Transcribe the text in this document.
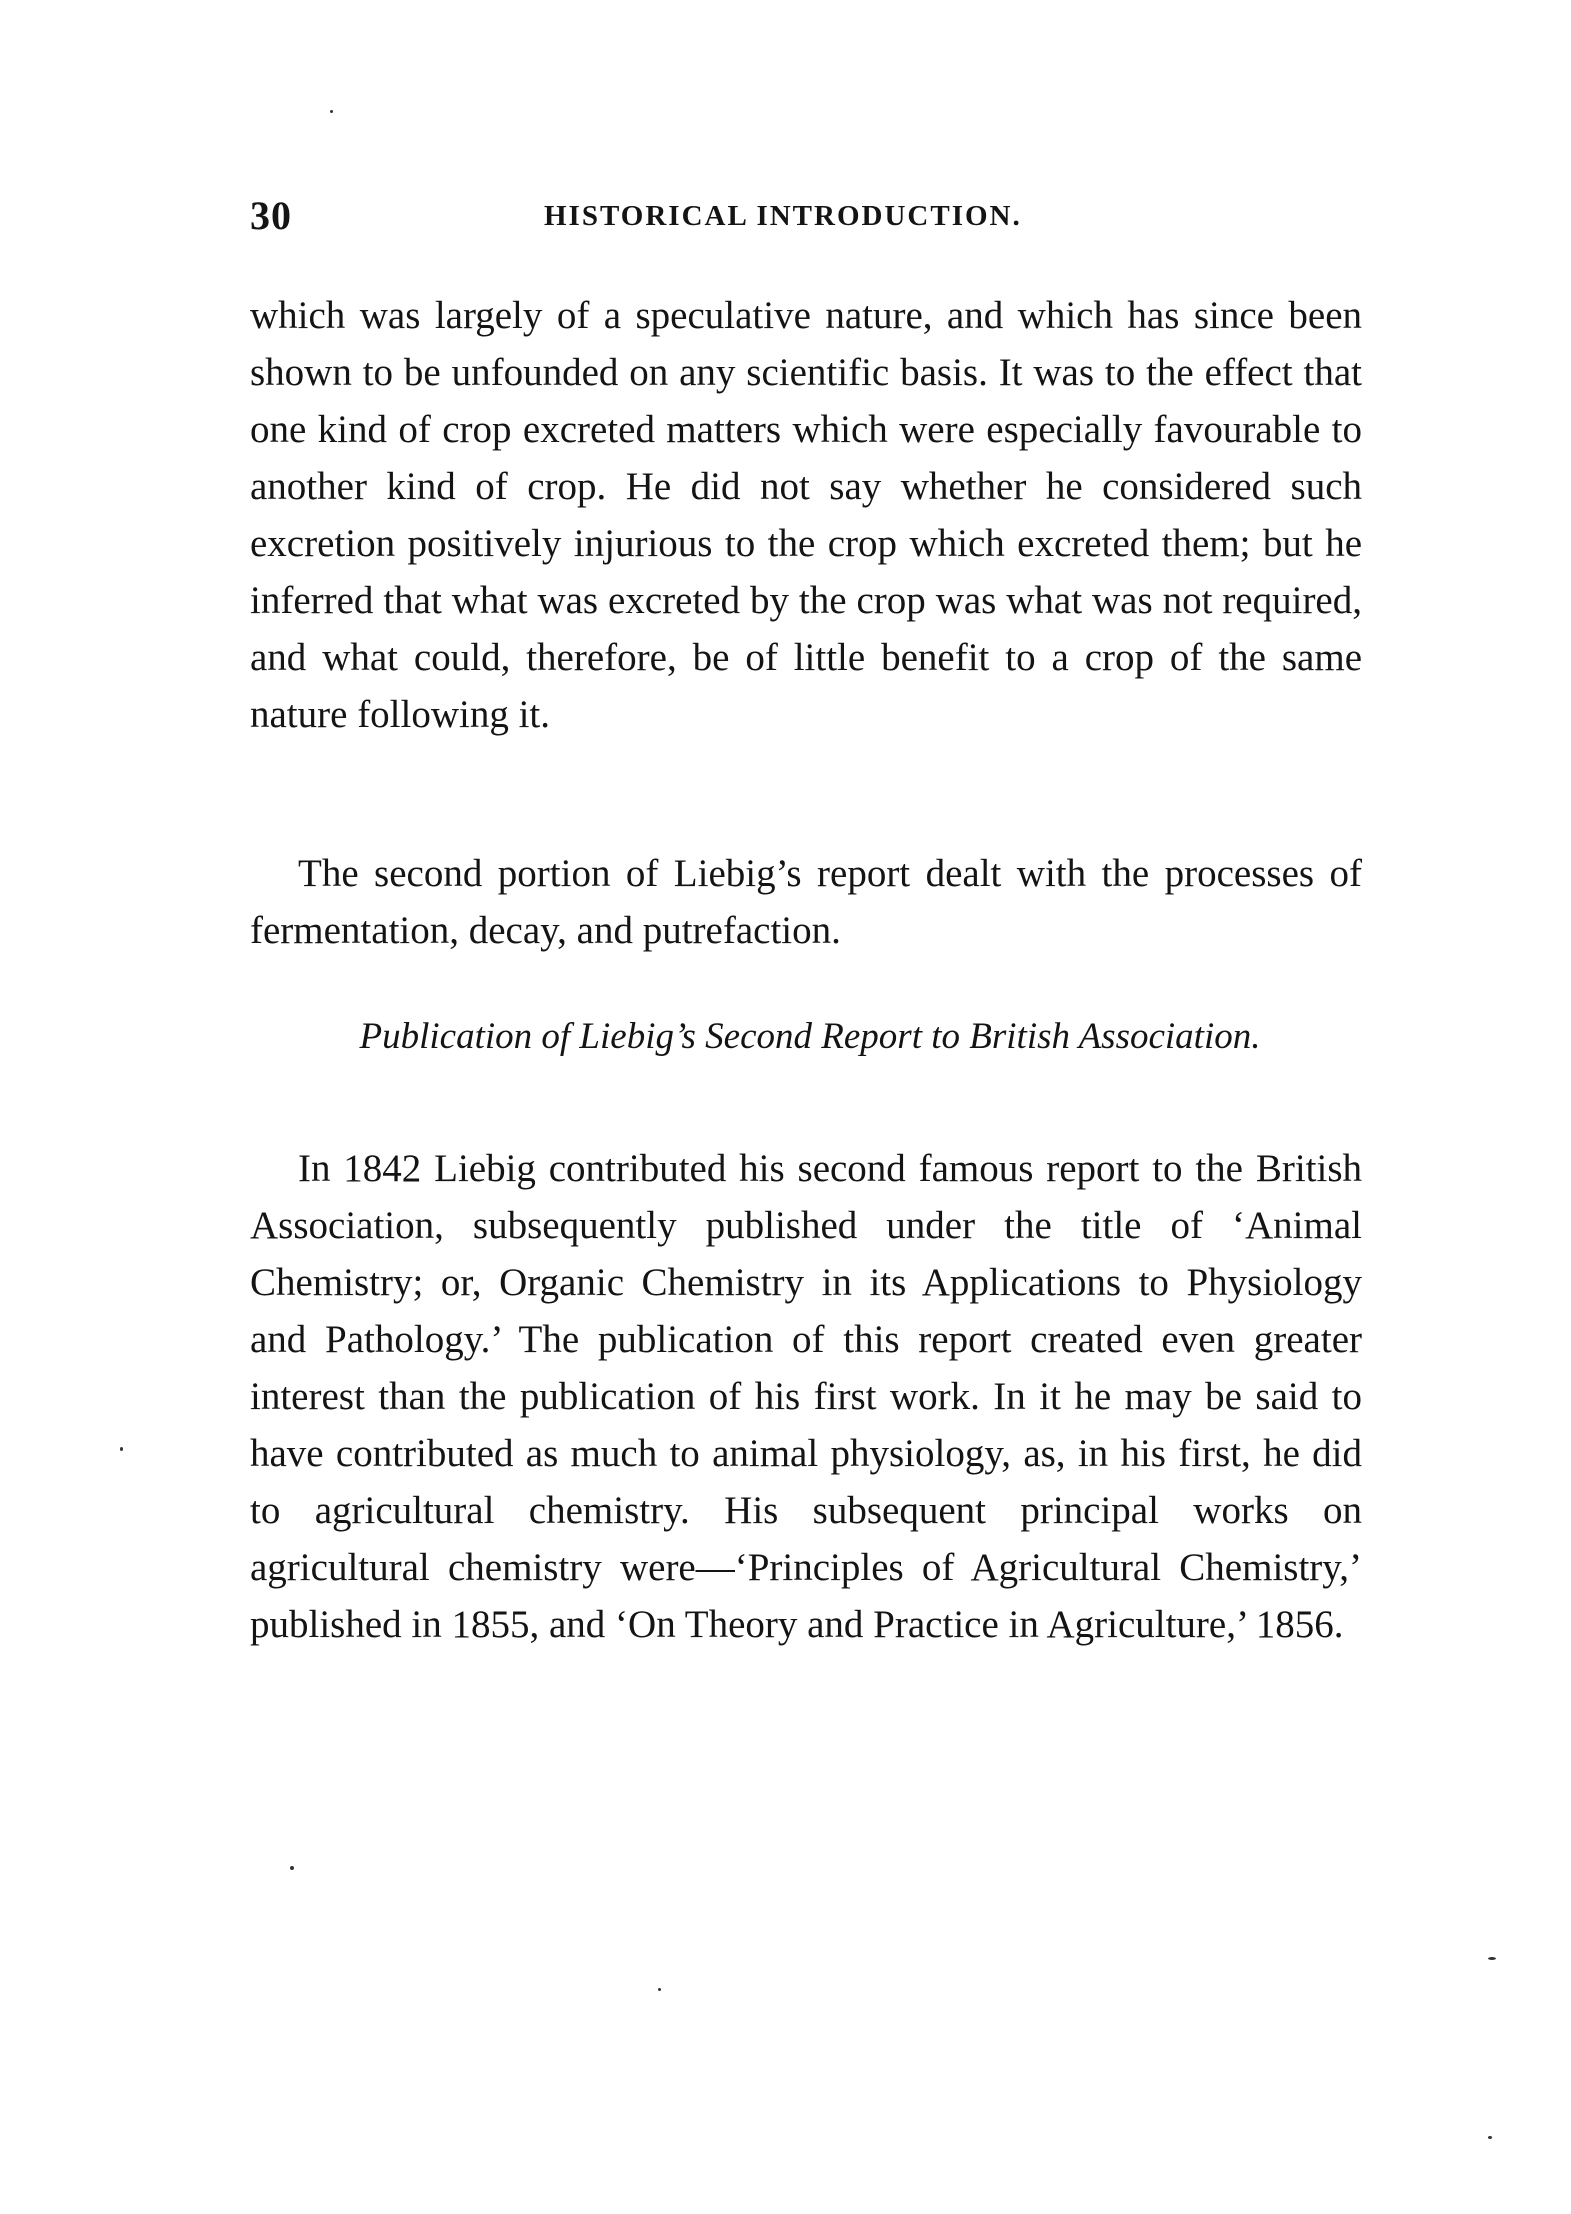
30	HISTORICAL INTRODUCTION.

which was largely of a speculative nature, and which has since been shown to be unfounded on any scientific basis. It was to the effect that one kind of crop excreted matters which were especially favourable to another kind of crop. He did not say whether he considered such excretion positively injurious to the crop which excreted them; but he inferred that what was excreted by the crop was what was not required, and what could, therefore, be of little benefit to a crop of the same nature following it.

The second portion of Liebig’s report dealt with the processes of fermentation, decay, and putrefaction.

Publication of Liebig’s Second Report to British Association.

In 1842 Liebig contributed his second famous report to the British Association, subsequently published under the title of ‘Animal Chemistry; or, Organic Chemistry in its Applications to Physiology and Pathology.’ The publication of this report created even greater interest than the publication of his first work. In it he may be said to have contributed as much to animal physiology, as, in his first, he did to agricultural chemistry. His subsequent principal works on agricultural chemistry were—‘Principles of Agricultural Chemistry,’ published in 1855, and ‘On Theory and Practice in Agriculture,’ 1856.
